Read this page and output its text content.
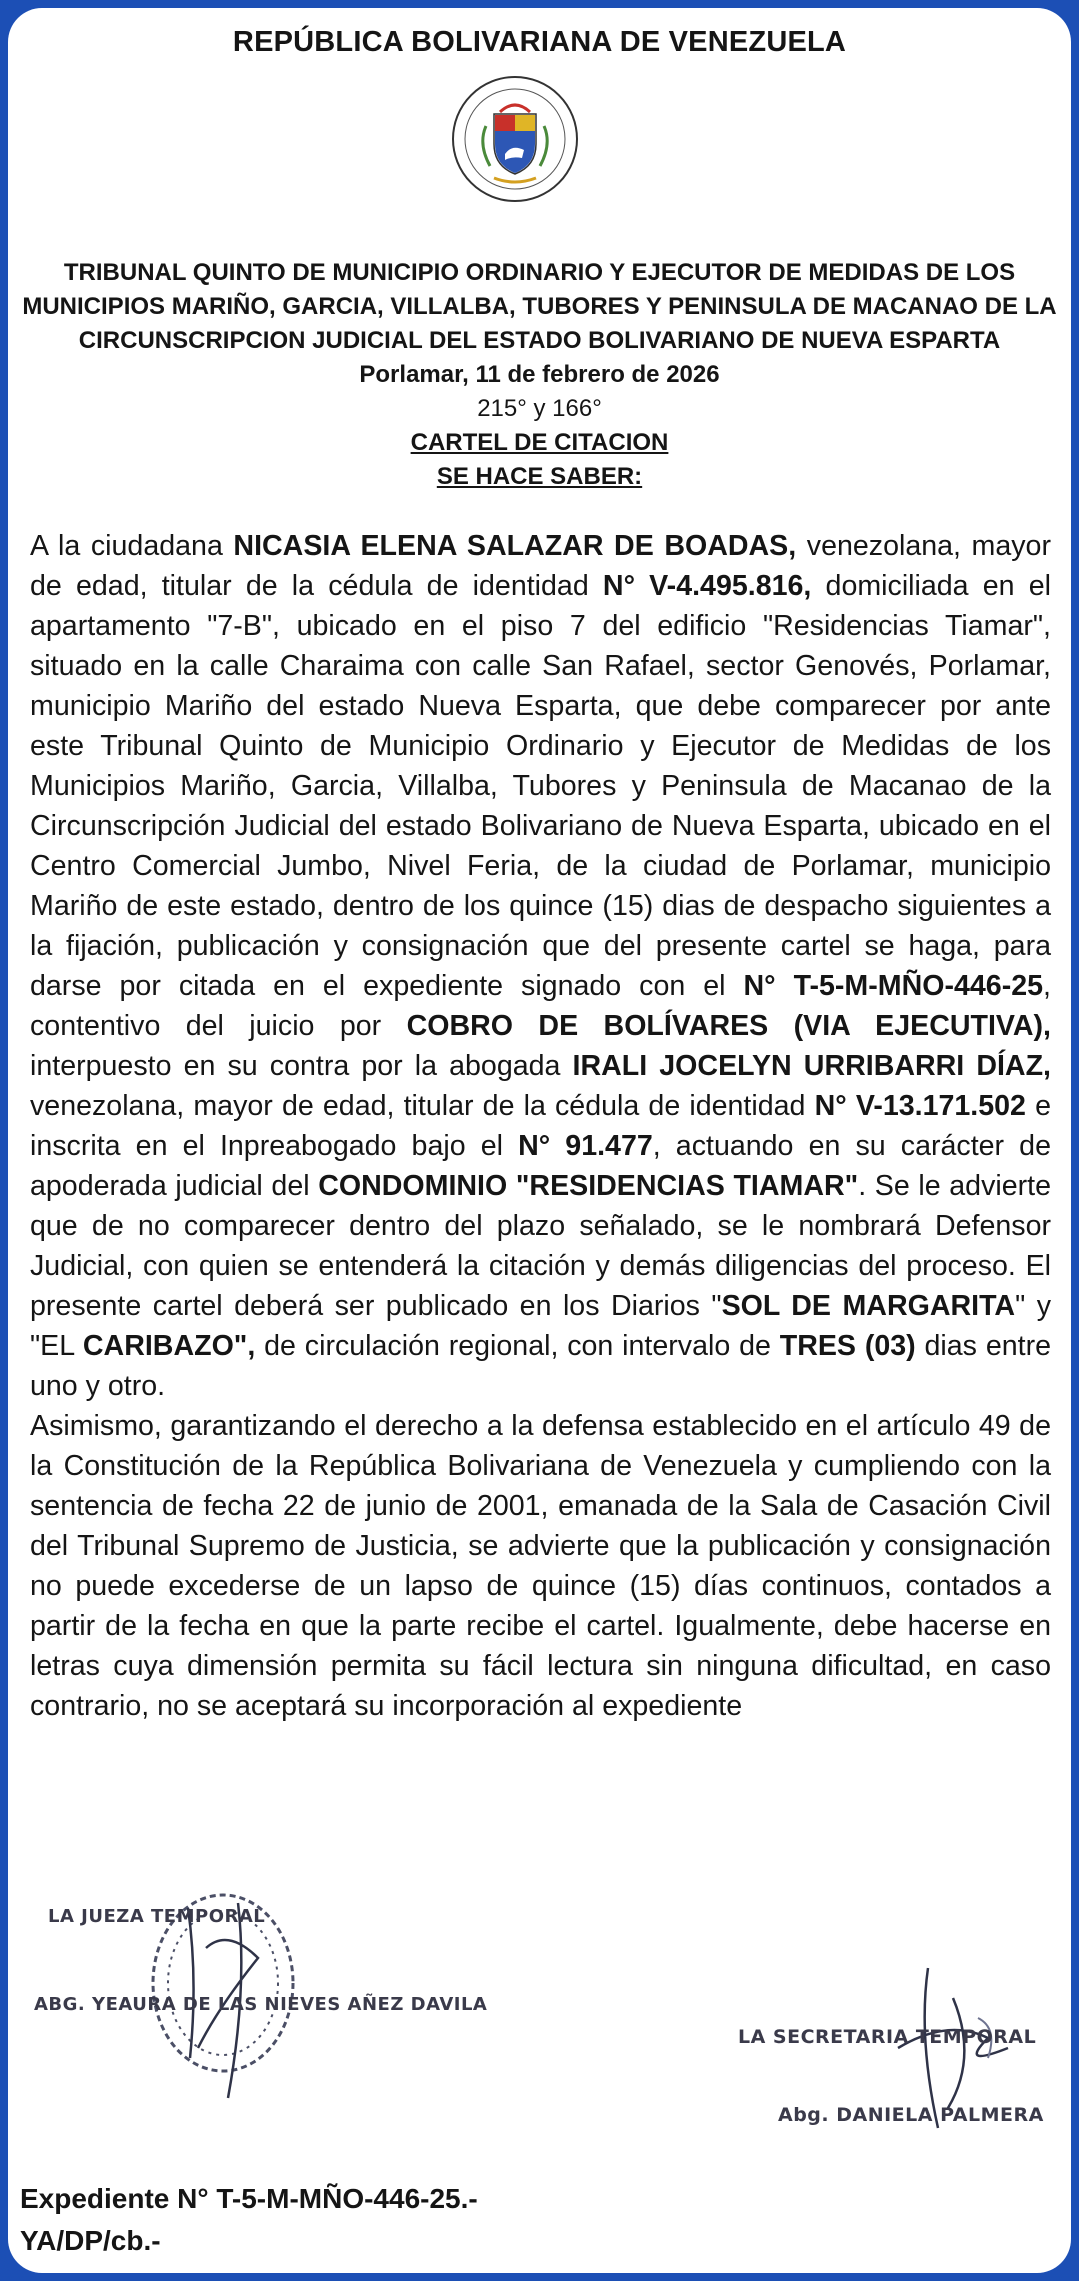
REPÚBLICA BOLIVARIANA DE VENEZUELA
TRIBUNAL QUINTO DE MUNICIPIO ORDINARIO Y EJECUTOR DE MEDIDAS DE LOS
MUNICIPIOS MARIÑO, GARCIA, VILLALBA, TUBORES Y PENINSULA DE MACANAO DE LA
CIRCUNSCRIPCION JUDICIAL DEL ESTADO BOLIVARIANO DE NUEVA ESPARTA
Porlamar, 11 de febrero de 2026
215° y 166°
CARTEL DE CITACION
SE HACE SABER:

A la ciudadana NICASIA ELENA SALAZAR DE BOADAS, venezolana, mayor de edad, titular de la cédula de identidad N° V-4.495.816, domiciliada en el apartamento "7-B", ubicado en el piso 7 del edificio "Residencias Tiamar", situado en la calle Charaima con calle San Rafael, sector Genovés, Porlamar, municipio Mariño del estado Nueva Esparta, que debe comparecer por ante este Tribunal Quinto de Municipio Ordinario y Ejecutor de Medidas de los Municipios Mariño, Garcia, Villalba, Tubores y Peninsula de Macanao de la Circunscripción Judicial del estado Bolivariano de Nueva Esparta, ubicado en el Centro Comercial Jumbo, Nivel Feria, de la ciudad de Porlamar, municipio Mariño de este estado, dentro de los quince (15) dias de despacho siguientes a la fijación, publicación y consignación que del presente cartel se haga, para darse por citada en el expediente signado con el N° T-5-M-MÑO-446-25, contentivo del juicio por COBRO DE BOLÍVARES (VIA EJECUTIVA), interpuesto en su contra por la abogada IRALI JOCELYN URRIBARRI DÍAZ, venezolana, mayor de edad, titular de la cédula de identidad N° V-13.171.502 e inscrita en el Inpreabogado bajo el N° 91.477, actuando en su carácter de apoderada judicial del CONDOMINIO "RESIDENCIAS TIAMAR". Se le advierte que de no comparecer dentro del plazo señalado, se le nombrará Defensor Judicial, con quien se entenderá la citación y demás diligencias del proceso. El presente cartel deberá ser publicado en los Diarios "SOL DE MARGARITA" y "EL CARIBAZO", de circulación regional, con intervalo de TRES (03) dias entre uno y otro.

Asimismo, garantizando el derecho a la defensa establecido en el artículo 49 de la Constitución de la República Bolivariana de Venezuela y cumpliendo con la sentencia de fecha 22 de junio de 2001, emanada de la Sala de Casación Civil del Tribunal Supremo de Justicia, se advierte que la publicación y consignación no puede excederse de un lapso de quince (15) días continuos, contados a partir de la fecha en que la parte recibe el cartel. Igualmente, debe hacerse en letras cuya dimensión permita su fácil lectura sin ninguna dificultad, en caso contrario, no se aceptará su incorporación al expediente

LA JUEZA TEMPORAL
ABG. YEAURA DE LAS NIEVES AÑEZ DAVILA
LA SECRETARIA TEMPORAL
Abg. DANIELA PALMERA
Expediente N° T-5-M-MÑO-446-25.-
YA/DP/cb.-
